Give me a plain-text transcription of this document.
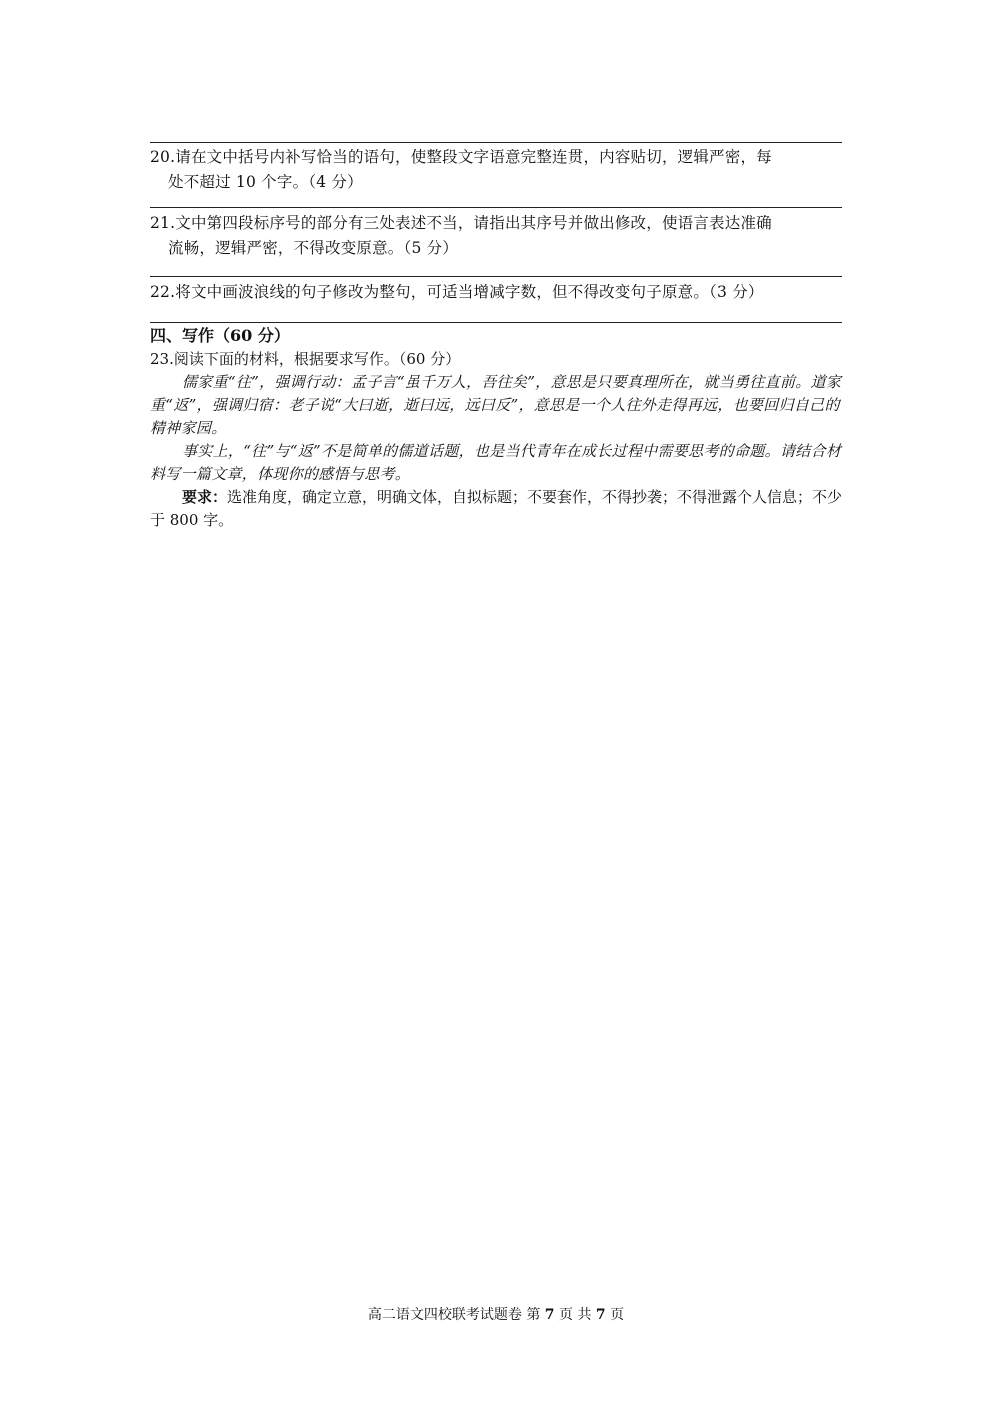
20.请在文中括号内补写恰当的语句，使整段文字语意完整连贯，内容贴切，逻辑严密，每
处不超过 10 个字。（4 分）
21.文中第四段标序号的部分有三处表述不当，请指出其序号并做出修改，使语言表达准确
流畅，逻辑严密，不得改变原意。（5 分）
22.将文中画波浪线的句子修改为整句，可适当增减字数，但不得改变句子原意。（3 分）
四、写作（60 分）
23.阅读下面的材料，根据要求写作。（60 分）

儒家重“往”，强调行动：孟子言“虽千万人，吾往矣”，意思是只要真理所在，就当勇往直前。道家重“返”，强调归宿：老子说“大曰逝，逝曰远，远曰反”，意思是一个人往外走得再远，也要回归自己的精神家园。

事实上，“往”与“返”不是简单的儒道话题，也是当代青年在成长过程中需要思考的命题。请结合材料写一篇文章，体现你的感悟与思考。

要求：选准角度，确定立意，明确文体，自拟标题；不要套作，不得抄袭；不得泄露个人信息；不少于 800 字。

高二语文四校联考试题卷 第 7 页 共 7 页
